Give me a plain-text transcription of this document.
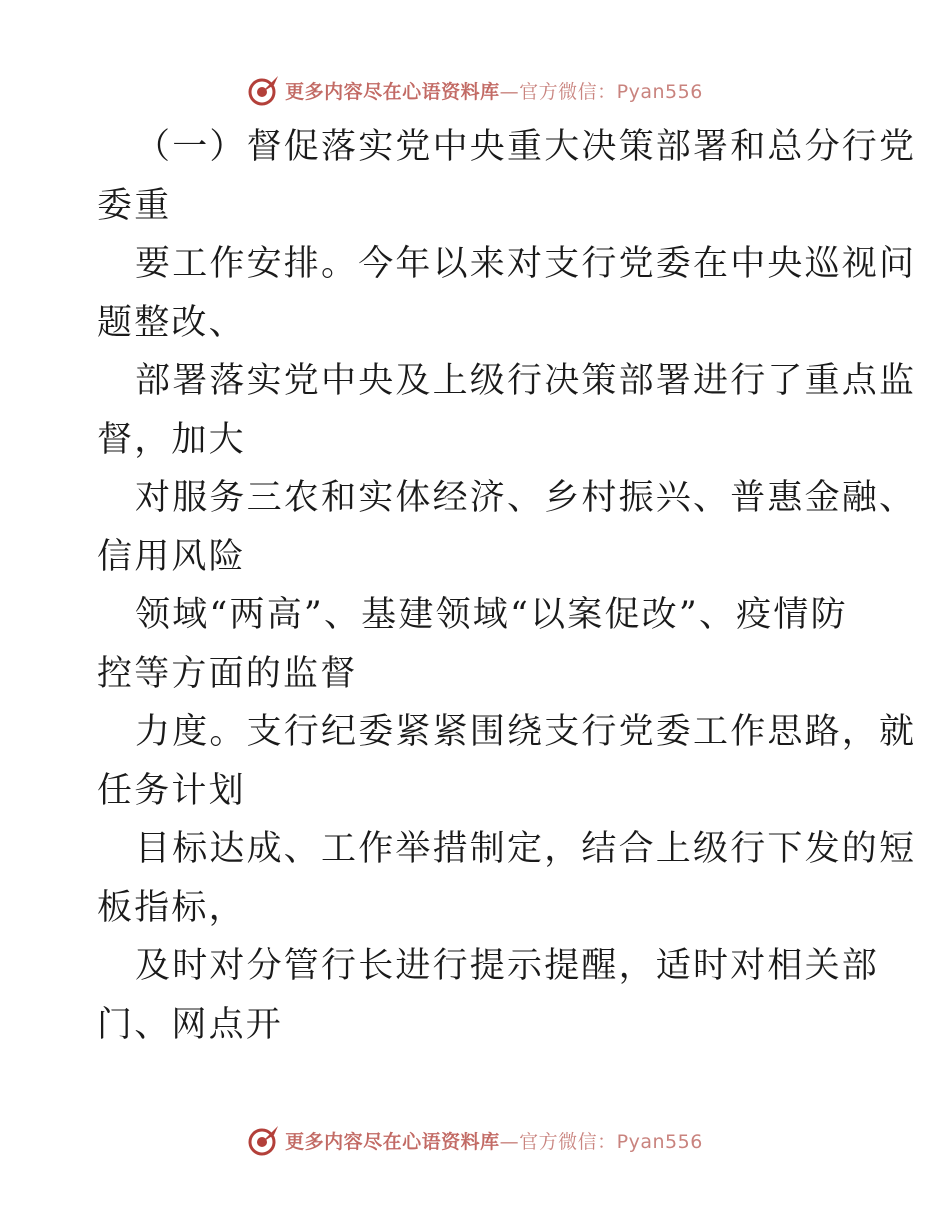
更多内容尽在心语资料库—官方微信：Pyan556
（一）督促落实党中央重大决策部署和总分行党
委重
要工作安排。今年以来对支行党委在中央巡视问
题整改、
部署落实党中央及上级行决策部署进行了重点监
督，加大
对服务三农和实体经济、乡村振兴、普惠金融、
信用风险
领域“两高”、基建领域“以案促改”、疫情防
控等方面的监督
力度。支行纪委紧紧围绕支行党委工作思路，就
任务计划
目标达成、工作举措制定，结合上级行下发的短
板指标，
及时对分管行长进行提示提醒，适时对相关部
门、网点开
更多内容尽在心语资料库—官方微信：Pyan556
